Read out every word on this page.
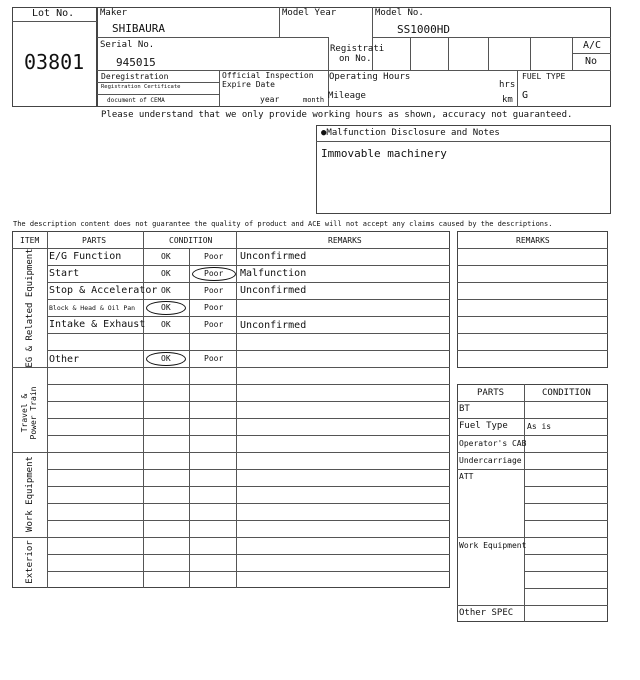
Lot No.
03801
Maker
SHIBAURA
Model Year	Model No.
SS1000HD
Serial No.
945015
Registrati
on No.
A/C
No
Deregistration
Registration Certificate
document of CEMA
Official Inspection
Expire Date
year	month
Operating Hours
hrs
Mileage	km
FUEL TYPE
G
Please understand that we only provide working hours as shown, accuracy not guaranteed.
●Malfunction Disclosure and Notes
Immovable machinery
The description content does not guarantee the quality of product and ACE will not accept any claims caused by the descriptions.
ITEM	PARTS	CONDITION	REMARKS
EG & Related Equipment
Travel & Power Train
Work Equipment
Exterior
E/G Function	OK	Poor Unconfirmed
Start	OK	Poor Malfunction
Stop & Accelerator OK	Poor Unconfirmed
Block & Head & Oil Pan	OK	Poor
Intake & Exhaust OK	Poor Unconfirmed
Other	OK	Poor
REMARKS
PARTS	CONDITION
BT
Fuel Type As is
Operator's CAB
Undercarriage
ATT
Work Equipment
Other SPEC
